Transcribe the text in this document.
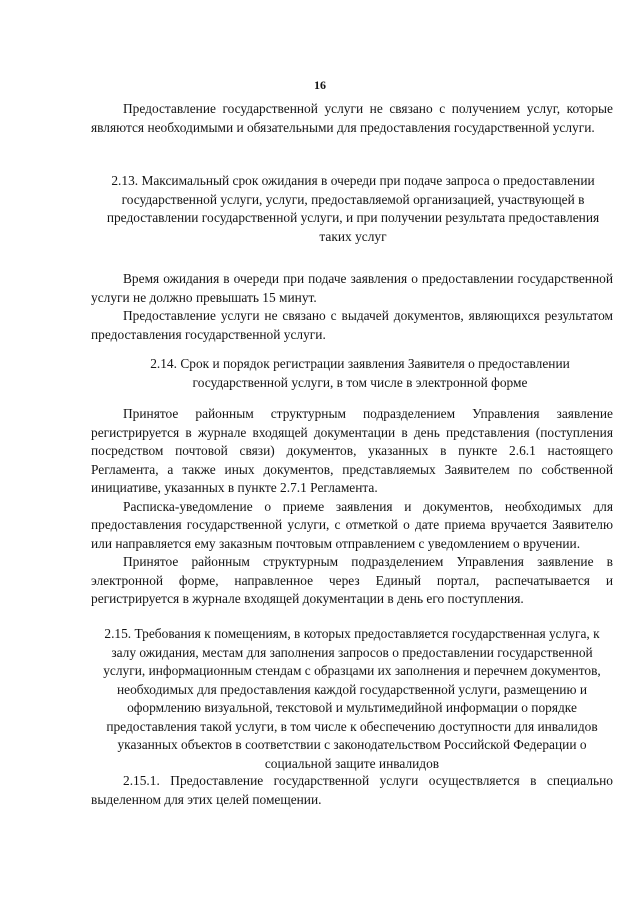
16

Предоставление государственной услуги не связано с получением услуг, которые являются необходимыми и обязательными для предоставления государственной услуги.

2.13. Максимальный срок ожидания в очереди при подаче запроса о предоставлении государственной услуги, услуги, предоставляемой организацией, участвующей в предоставлении государственной услуги, и при получении результата предоставления таких услуг

Время ожидания в очереди при подаче заявления о предоставлении государственной услуги не должно превышать 15 минут.

Предоставление услуги не связано с выдачей документов, являющихся результатом предоставления государственной услуги.

2.14. Срок и порядок регистрации заявления Заявителя о предоставлении государственной услуги, в том числе в электронной форме

Принятое районным структурным подразделением Управления заявление регистрируется в журнале входящей документации в день представления (поступления посредством почтовой связи) документов, указанных в пункте 2.6.1 настоящего Регламента, а также иных документов, представляемых Заявителем по собственной инициативе, указанных в пункте 2.7.1 Регламента.

Расписка-уведомление о приеме заявления и документов, необходимых для предоставления государственной услуги, с отметкой о дате приема вручается Заявителю или направляется ему заказным почтовым отправлением с уведомлением о вручении.

Принятое районным структурным подразделением Управления заявление в электронной форме, направленное через Единый портал, распечатывается и регистрируется в журнале входящей документации в день его поступления.

2.15. Требования к помещениям, в которых предоставляется государственная услуга, к залу ожидания, местам для заполнения запросов о предоставлении государственной услуги, информационным стендам с образцами их заполнения и перечнем документов, необходимых для предоставления каждой государственной услуги, размещению и оформлению визуальной, текстовой и мультимедийной информации о порядке предоставления такой услуги, в том числе к обеспечению доступности для инвалидов указанных объектов в соответствии с законодательством Российской Федерации о социальной защите инвалидов

2.15.1. Предоставление государственной услуги осуществляется в специально выделенном для этих целей помещении.
